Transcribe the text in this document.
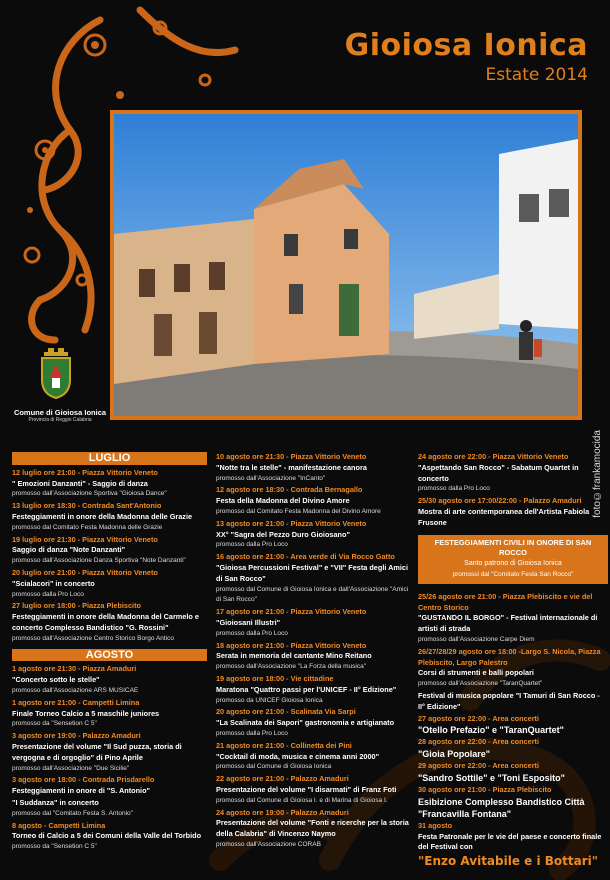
Gioiosa Ionica
Estate 2014
foto©frankamocida
Comune di Gioiosa Ionica
Provincia di Reggio Calabria
LUGLIO
12 luglio ore 21:00 - Piazza Vittorio Veneto
" Emozioni Danzanti" - Saggio di danza
promosso dall'Associazione Sportiva "Gioiosa Dance"
13 luglio ore 18:30 - Contrada Sant'Antonio
Festeggiamenti in onore della Madonna delle Grazie
promosso dal Comitato Festa Madonna delle Grazie
19 luglio ore 21:30 - Piazza Vittorio Veneto
Saggio di danza "Note Danzanti"
promosso dall'Associazione Danza Sportiva "Note Danzanti"
20 luglio ore 21:00 - Piazza Vittorio Veneto
"Scialacori" in concerto
promosso dalla Pro Loco
27 luglio ore 18:00 - Piazza Plebiscito
Festeggiamenti in onore della Madonna del Carmelo e concerto Complesso Bandistico "G. Rossini"
promosso dall'Associazione Centro Storico Borgo Antico
AGOSTO
1 agosto ore 21:30 - Piazza Amaduri
"Concerto sotto le stelle"
promosso dall'Associazione ARS MUSICAE
1 agosto ore 21:00 - Campetti Limina
Finale Torneo Calcio a 5 maschile juniores
promosso da "Sensetion C 5"
3 agosto ore 19:00 - Palazzo Amaduri
Presentazione del volume "Il Sud puzza, storia di vergogna e di orgoglio" di Pino Aprile
promosso dall'Associazione "Due Sicilie"
3 agosto ore 18:00 - Contrada Prisdarello
Festeggiamenti in onore di "S. Antonio"
"I Suddanza" in concerto
promosso dal "Comitato Festa S. Antonio"
8 agosto - Campetti Limina
Torneo di Calcio a 5 dei Comuni della Valle del Torbido
promosso da "Sensetion C 5"
10 agosto ore 21:30 - Piazza Vittorio Veneto
"Notte tra le stelle" - manifestazione canora
promosso dall'Associazione "InCanto"
12 agosto ore 18:30 - Contrada Bernagallo
Festa della Madonna del Divino Amore
promosso dal Comitato Festa Madonna del Divino Amore
13 agosto ore 21:00 - Piazza Vittorio Veneto
XX° "Sagra del Pezzo Duro Gioiosano"
promosso dalla Pro Loco
16 agosto ore 21:00 - Area verde di Via Rocco Gatto
"Gioiosa Percussioni Festival" e "VII" Festa degli Amici di San Rocco"
promosso dal Comune di Gioiosa Ionica e dall'Associazione "Amici di San Rocco"
17 agosto ore 21:00 - Piazza Vittorio Veneto
"Gioiosani Illustri"
promosso dalla Pro Loco
18 agosto ore 21:00 - Piazza Vittorio Veneto
Serata in memoria del cantante Mino Reitano
promosso dall'Associazione "La Forza della musica"
19 agosto ore 18:00 - Vie cittadine
Maratona "Quattro passi per l'UNICEF - II° Edizione"
promosso da UNICEF Gioiosa Ionica
20 agosto ore 21:00 - Scalinata Via Sarpi
"La Scalinata dei Sapori" gastronomia e artigianato
promosso dalla Pro Loco
21 agosto ore 21:00 - Collinetta dei Pini
"Cocktail di moda, musica e cinema anni 2000"
promosso dal Comune di Gioiosa Ionica
22 agosto ore 21:00 - Palazzo Amaduri
Presentazione del volume "I disarmati" di Franz Foti
promosso dal Comune di Gioiosa I. e di Marina di Gioiosa I.
24 agosto ore 19:00 - Palazzo Amaduri
Presentazione del volume "Fonti e ricerche per la storia della Calabria" di Vincenzo Naymo
promosso dall'Associazione CORAB
24 agosto ore 22:00 - Piazza Vittorio Veneto
"Aspettando San Rocco" - Sabatum Quartet in concerto
promosso dalla Pro Loco
25/30 agosto ore 17:00/22:00 - Palazzo Amaduri
Mostra di arte contemporanea dell'Artista Fabiola Frusone
FESTEGGIAMENTI CIVILI IN ONORE DI SAN ROCCO
Santo patrono di Gioiosa Ionica
promossi dal "Comitato Festa San Rocco"
25/26 agosto ore 21:00 - Piazza Plebiscito e vie del Centro Storico
"GUSTANDO IL BORGO" - Festival internazionale di artisti di strada
promosso dall'Associazione Carpe Diem
26/27/28/29 agosto ore 18:00 -Largo S. Nicola, Piazza Plebiscito, Largo Palestro
Corsi di strumenti e balli popolari
promosso dall'Associazione "TaranQuartet"
Festival di musica popolare "I Tamuri di San Rocco - II° Edizione"
27 agosto ore 22:00 - Area concerti
"Otello Prefazio" e "TaranQuartet"
28 agosto ore 22:00 - Area concerti
"Gioia Popolare"
29 agosto ore 22:00 - Area concerti
"Sandro Sottile" e "Toni Esposito"
30 agosto ore 21:00 - Piazza Plebiscito
Esibizione Complesso Bandistico Città "Francavilla Fontana"
31 agosto
Festa Patronale per le vie del paese e concerto finale del Festival con
"Enzo Avitabile e i Bottari"
